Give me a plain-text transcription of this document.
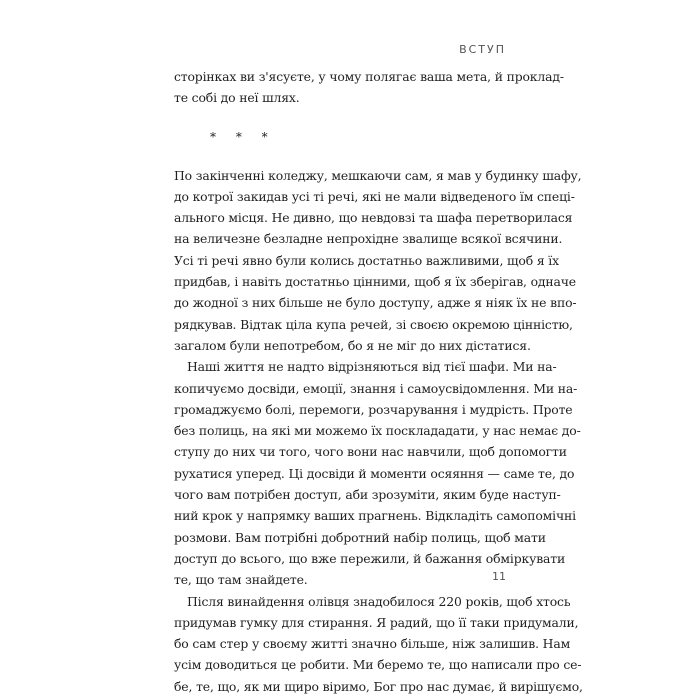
ВСТУП
сторінках ви з'ясуєте, у чому полягає ваша мета, й проклад-
те собі до неї шлях.
* * *
По закінченні коледжу, мешкаючи сам, я мав у будинку шафу,
до котрої закидав усі ті речі, які не мали відведеного їм спеці-
ального місця. Не дивно, що невдовзі та шафа перетворилася
на величезне безладне непрохідне звалище всякої всячини.
Усі ті речі явно були колись достатньо важливими, щоб я їх
придбав, і навіть достатньо цінними, щоб я їх зберігав, одначе
до жодної з них більше не було доступу, адже я ніяк їх не впо-
рядкував. Відтак ціла купа речей, зі своєю окремою цінністю,
загалом були непотребом, бо я не міг до них дістатися.
Наші життя не надто відрізняються від тієї шафи. Ми на-
копичуємо досвіди, емоції, знання і самоусвідомлення. Ми на-
громаджуємо болі, перемоги, розчарування і мудрість. Проте
без полиць, на які ми можемо їх посклададати, у нас немає до-
ступу до них чи того, чого вони нас навчили, щоб допомогти
рухатися уперед. Ці досвіди й моменти осяяння — саме те, до
чого вам потрібен доступ, аби зрозуміти, яким буде наступ-
ний крок у напрямку ваших прагнень. Відкладіть самопомічні
розмови. Вам потрібні добротний набір полиць, щоб мати
доступ до всього, що вже пережили, й бажання обміркувати
те, що там знайдете.
Після винайдення олівця знадобилося 220 років, щоб хтось
придумав гумку для стирання. Я радий, що її таки придумали,
бо сам стер у своєму житті значно більше, ніж залишив. Нам
усім доводиться це робити. Ми беремо те, що написали про се-
бе, те, що, як ми щиро віримо, Бог про нас думає, й вирішуємо,
11
